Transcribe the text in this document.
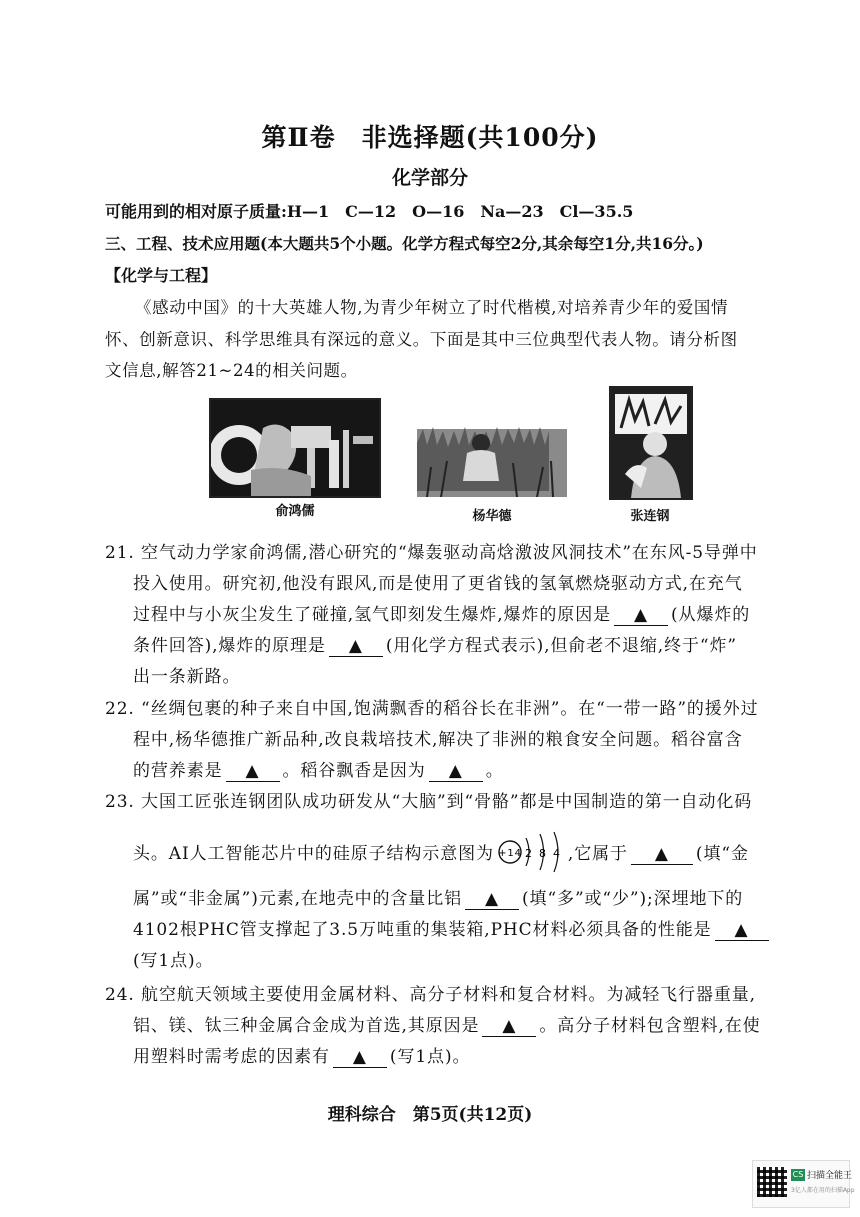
第Ⅱ卷　非选择题(共100分)
化学部分
可能用到的相对原子质量:H—1　C—12　O—16　Na—23　Cl—35.5
三、工程、技术应用题(本大题共5个小题。化学方程式每空2分,其余每空1分,共16分。)
【化学与工程】
《感动中国》的十大英雄人物,为青少年树立了时代楷模,对培养青少年的爱国情
怀、创新意识、科学思维具有深远的意义。下面是其中三位典型代表人物。请分析图
文信息,解答21~24的相关问题。
俞鸿儒	杨华德	张连钢
21. 空气动力学家俞鸿儒,潜心研究的“爆轰驱动高焓激波风洞技术”在东风-5导弹中
投入使用。研究初,他没有跟风,而是使用了更省钱的氢氧燃烧驱动方式,在充气
过程中与小灰尘发生了碰撞,氢气即刻发生爆炸,爆炸的原因是 ▲ (从爆炸的
条件回答),爆炸的原理是 ▲ (用化学方程式表示),但俞老不退缩,终于“炸”
出一条新路。
22. “丝绸包裹的种子来自中国,饱满飘香的稻谷长在非洲”。在“一带一路”的援外过
程中,杨华德推广新品种,改良栽培技术,解决了非洲的粮食安全问题。稻谷富含
的营养素是 ▲ 。稻谷飘香是因为 ▲ 。
23. 大国工匠张连钢团队成功研发从“大脑”到“骨骼”都是中国制造的第一自动化码
头。AI人工智能芯片中的硅原子结构示意图为 +14 2 8 4 ,它属于 ▲ (填“金
属”或“非金属”)元素,在地壳中的含量比铝 ▲ (填“多”或“少”);深埋地下的
4102根PHC管支撑起了3.5万吨重的集装箱,PHC材料必须具备的性能是 ▲
(写1点)。
24. 航空航天领域主要使用金属材料、高分子材料和复合材料。为减轻飞行器重量,
铝、镁、钛三种金属合金成为首选,其原因是 ▲ 。高分子材料包含塑料,在使
用塑料时需考虑的因素有 ▲ (写1点)。
理科综合　第5页(共12页)
CS 扫描全能王
3亿人都在用的扫描App
